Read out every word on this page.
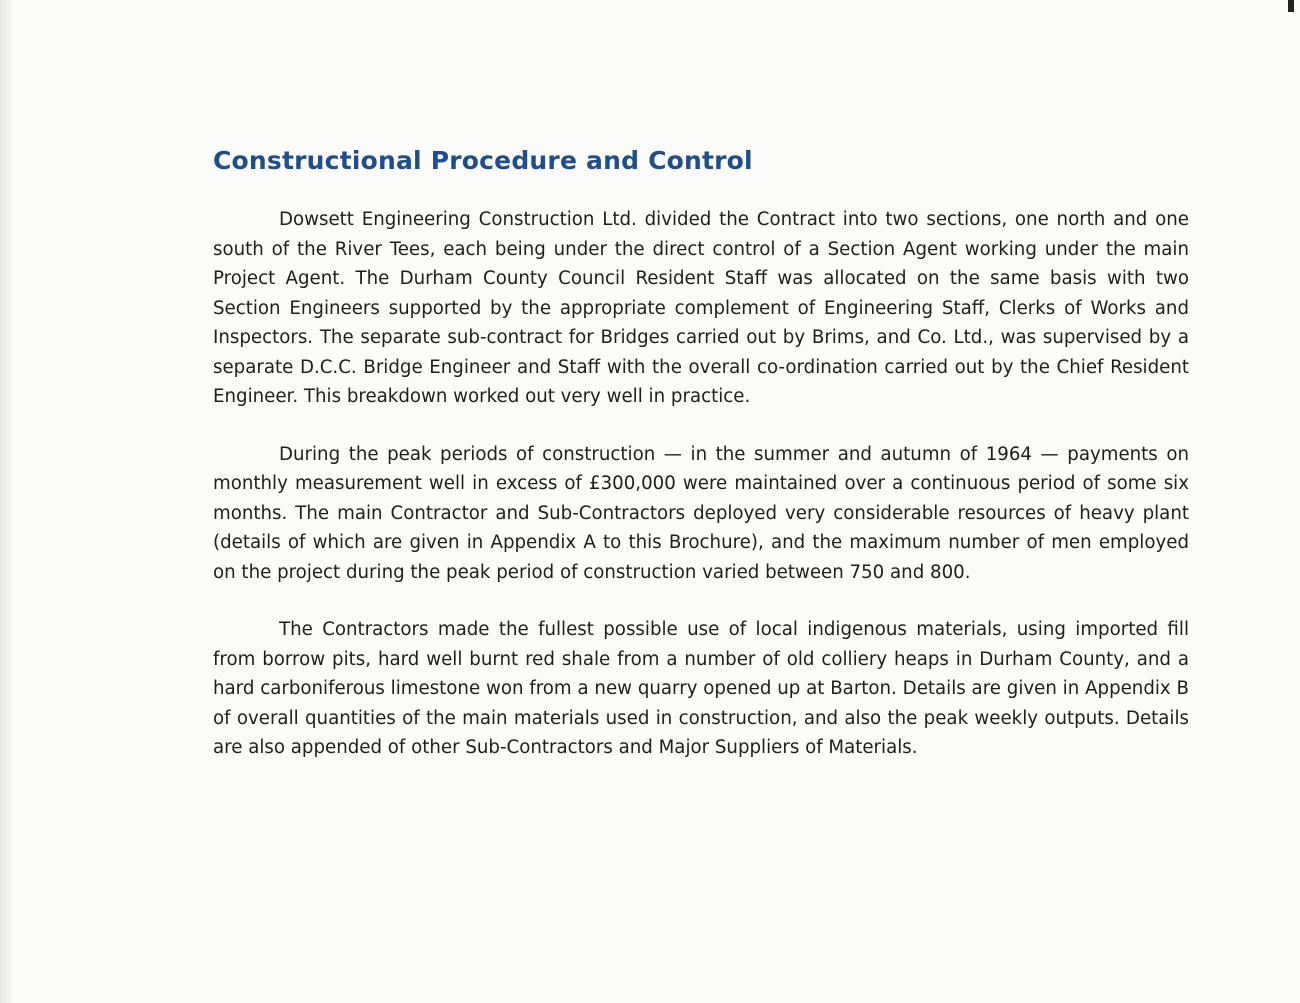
Constructional Procedure and Control

Dowsett Engineering Construction Ltd. divided the Contract into two sections, one north and one south of the River Tees, each being under the direct control of a Section Agent working under the main Project Agent. The Durham County Council Resident Staff was allocated on the same basis with two Section Engineers supported by the appropriate complement of Engineering Staff, Clerks of Works and Inspectors. The separate sub-contract for Bridges carried out by Brims, and Co. Ltd., was supervised by a separate D.C.C. Bridge Engineer and Staff with the overall co-ordination carried out by the Chief Resident Engineer. This breakdown worked out very well in practice.

During the peak periods of construction — in the summer and autumn of 1964 — payments on monthly measurement well in excess of £300,000 were maintained over a continuous period of some six months. The main Contractor and Sub-Contractors deployed very considerable resources of heavy plant (details of which are given in Appendix A to this Brochure), and the maximum number of men employed on the project during the peak period of construction varied between 750 and 800.

The Contractors made the fullest possible use of local indigenous materials, using imported fill from borrow pits, hard well burnt red shale from a number of old colliery heaps in Durham County, and a hard carboniferous limestone won from a new quarry opened up at Barton. Details are given in Appendix B of overall quantities of the main materials used in construction, and also the peak weekly outputs. Details are also appended of other Sub-Contractors and Major Suppliers of Materials.
